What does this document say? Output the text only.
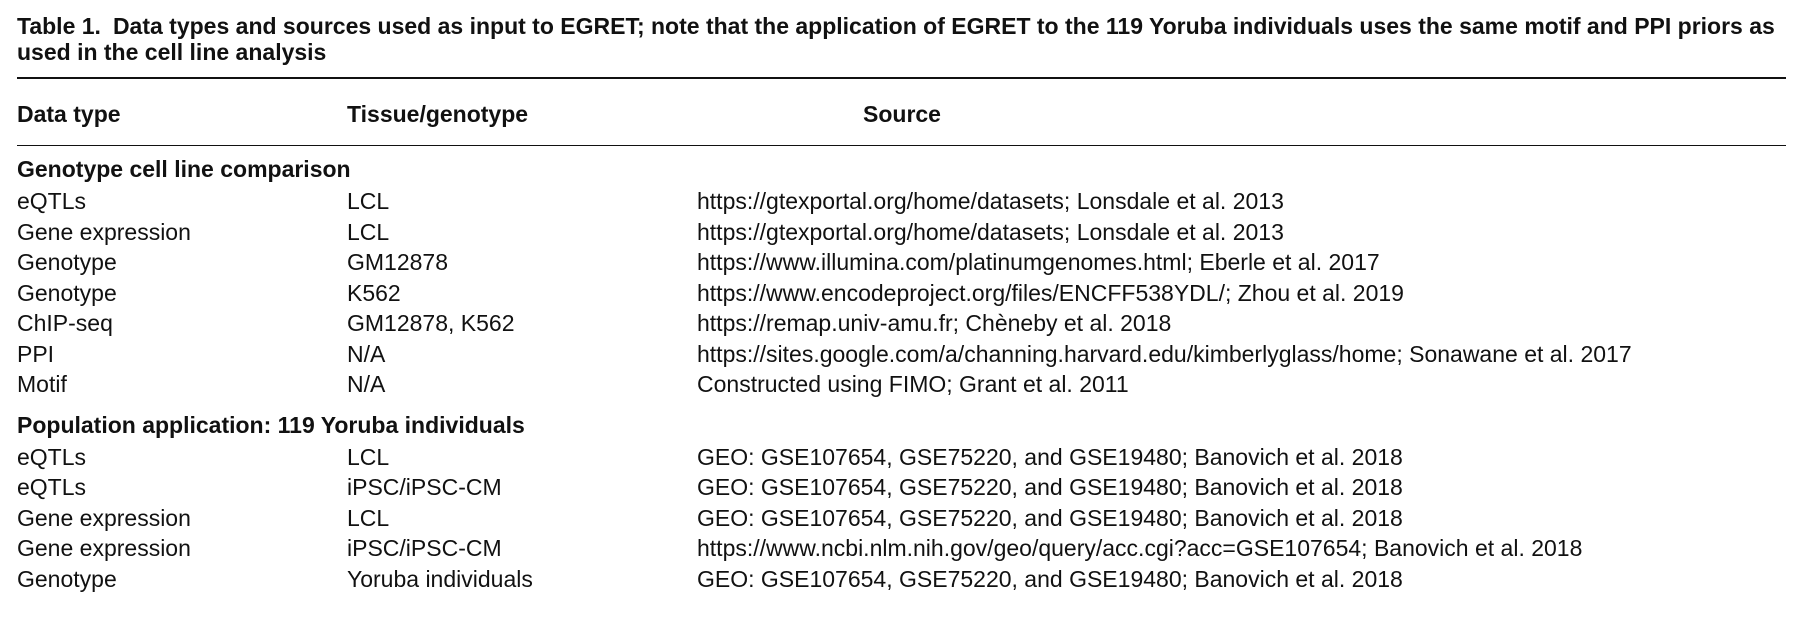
Table 1. Data types and sources used as input to EGRET; note that the application of EGRET to the 119 Yoruba individuals uses the same motif and PPI priors as used in the cell line analysis

Data type	Tissue/genotype	Source
Genotype cell line comparison
eQTLs	LCL	https://gtexportal.org/home/datasets; Lonsdale et al. 2013
Gene expression	LCL	https://gtexportal.org/home/datasets; Lonsdale et al. 2013
Genotype	GM12878	https://www.illumina.com/platinumgenomes.html; Eberle et al. 2017
Genotype	K562	https://www.encodeproject.org/files/ENCFF538YDL/; Zhou et al. 2019
ChIP-seq	GM12878, K562	https://remap.univ-amu.fr; Chèneby et al. 2018
PPI	N/A	https://sites.google.com/a/channing.harvard.edu/kimberlyglass/home; Sonawane et al. 2017
Motif	N/A	Constructed using FIMO; Grant et al. 2011
Population application: 119 Yoruba individuals
eQTLs	LCL	GEO: GSE107654, GSE75220, and GSE19480; Banovich et al. 2018
eQTLs	iPSC/iPSC-CM	GEO: GSE107654, GSE75220, and GSE19480; Banovich et al. 2018
Gene expression	LCL	GEO: GSE107654, GSE75220, and GSE19480; Banovich et al. 2018
Gene expression	iPSC/iPSC-CM	https://www.ncbi.nlm.nih.gov/geo/query/acc.cgi?acc=GSE107654; Banovich et al. 2018
Genotype	Yoruba individuals	GEO: GSE107654, GSE75220, and GSE19480; Banovich et al. 2018
